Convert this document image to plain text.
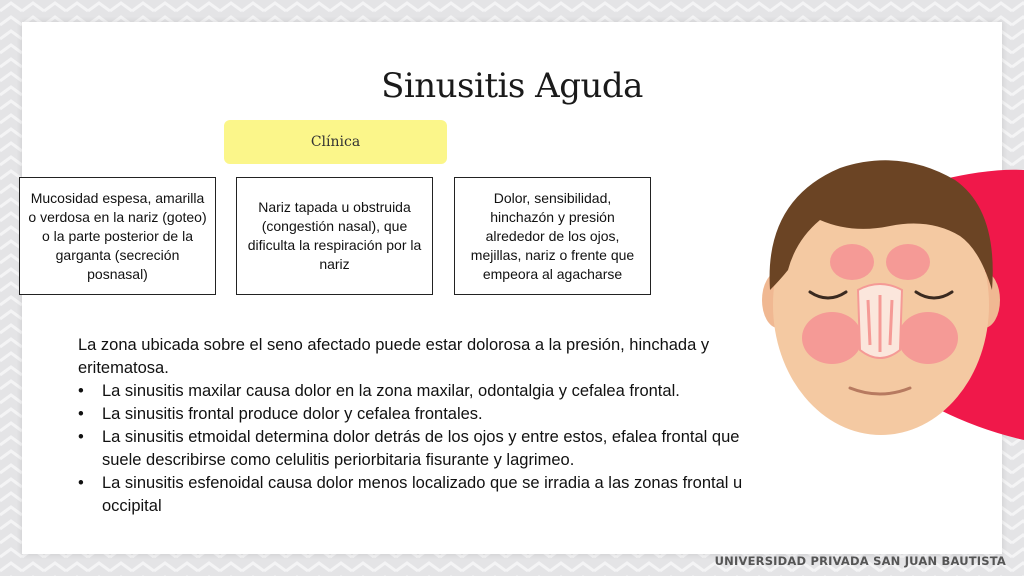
Sinusitis Aguda
Clínica
Mucosidad espesa, amarilla o verdosa en la nariz (goteo) o la parte posterior de la garganta (secreción posnasal)
Nariz tapada u obstruida (congestión nasal), que dificulta la respiración por la nariz
Dolor, sensibilidad, hinchazón y presión alrededor de los ojos, mejillas, nariz o frente que empeora al agacharse

La zona ubicada sobre el seno afectado puede estar dolorosa a la presión, hinchada y eritematosa.

• La sinusitis maxilar causa dolor en la zona maxilar, odontalgia y cefalea frontal.
• La sinusitis frontal produce dolor y cefalea frontales.
• La sinusitis etmoidal determina dolor detrás de los ojos y entre estos, efalea frontal que suele describirse como celulitis periorbitaria fisurante y lagrimeo.
• La sinusitis esfenoidal causa dolor menos localizado que se irradia a las zonas frontal u occipital
UNIVERSIDAD PRIVADA SAN JUAN BAUTISTA
